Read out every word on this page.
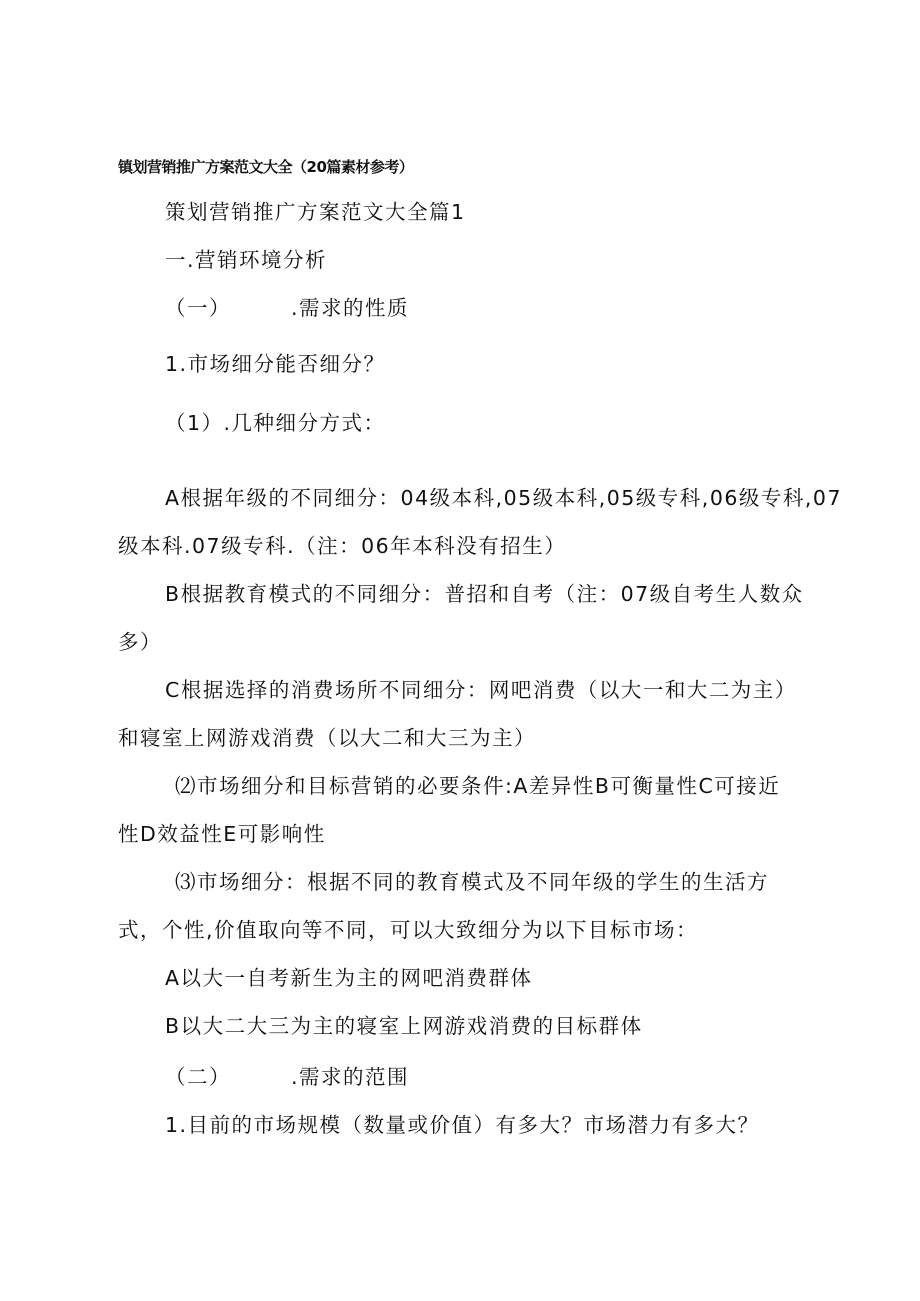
镇划营销推广方案范文大全（20篇素材参考）
策划营销推广方案范文大全篇1
一.营销环境分析
（一）	.需求的性质
1.市场细分能否细分？
（1）.几种细分方式：
A根据年级的不同细分：04级本科,05级本科,05级专科,06级专科,07
级本科.07级专科.（注：06年本科没有招生）
B根据教育模式的不同细分：普招和自考（注：07级自考生人数众
多）
C根据选择的消费场所不同细分：网吧消费（以大一和大二为主）
和寝室上网游戏消费（以大二和大三为主）
⑵市场细分和目标营销的必要条件:A差异性B可衡量性C可接近
性D效益性E可影响性
⑶市场细分：根据不同的教育模式及不同年级的学生的生活方
式，个性,价值取向等不同，可以大致细分为以下目标市场：
A以大一自考新生为主的网吧消费群体
B以大二大三为主的寝室上网游戏消费的目标群体
（二）	.需求的范围
1.目前的市场规模（数量或价值）有多大？市场潜力有多大？
